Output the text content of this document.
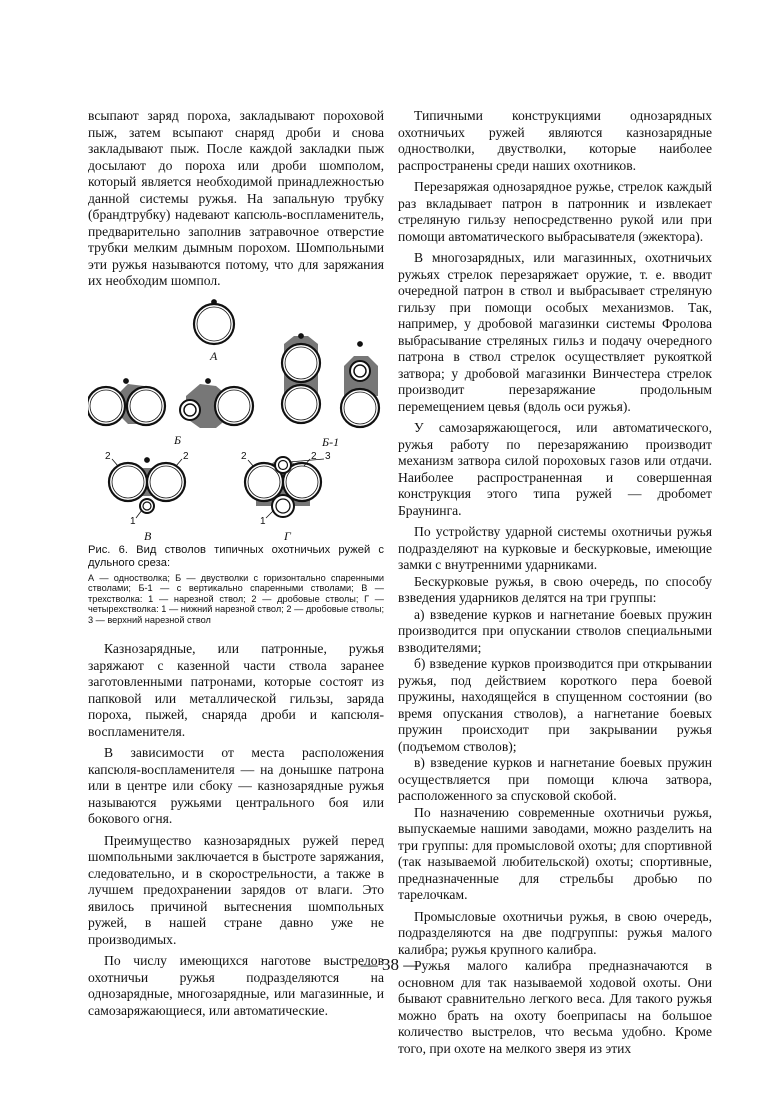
всыпают заряд пороха, закладывают пороховой пыж, затем всыпают снаряд дроби и снова закладывают пыж. После каждой закладки пыж досылают до пороха или дроби шомполом, который является необходимой принадлежностью данной системы ружья. На запальную трубку (брандтрубку) надевают капсюль-воспламенитель, предварительно заполнив затравочное отверстие трубки мелким дымным порохом. Шомпольными эти ружья называются потому, что для заряжания их необходим шомпол.

А
Б	Б-1
2	2
1
В
2	2 3
1
Г

Рис. 6. Вид стволов типичных охотничьих ружей с дульного среза:

А — одностволка; Б — двустволки с горизонтально спаренными стволами; Б-1 — с вертикально спаренными стволами; В — трехстволка: 1 — нарезной ствол; 2 — дробовые стволы; Г — четырехстволка: 1 — нижний нарезной ствол; 2 — дробовые стволы; 3 — верхний нарезной ствол

Казнозарядные, или патронные, ружья заряжают с казенной части ствола заранее заготовленными патронами, которые состоят из папковой или металлической гильзы, заряда пороха, пыжей, снаряда дроби и капсюля-воспламенителя.

В зависимости от места расположения капсюля-воспламенителя — на донышке патрона или в центре или сбоку — казнозарядные ружья называются ружьями центрального боя или бокового огня.

Преимущество казнозарядных ружей перед шомпольными заключается в быстроте заряжания, следовательно, и в скорострельности, а также в лучшем предохранении зарядов от влаги. Это явилось причиной вытеснения шомпольных ружей, в нашей стране давно уже не производимых.

По числу имеющихся наготове выстрелов охотничьи ружья подразделяются на однозарядные, многозарядные, или магазинные, и самозаряжающиеся, или автоматические.

Типичными конструкциями однозарядных охотничьих ружей являются казнозарядные одностволки, двустволки, которые наиболее распространены среди наших охотников.

Перезаряжая однозарядное ружье, стрелок каждый раз вкладывает патрон в патронник и извлекает стреляную гильзу непосредственно рукой или при помощи автоматического выбрасывателя (эжектора).

В многозарядных, или магазинных, охотничьих ружьях стрелок перезаряжает оружие, т. е. вводит очередной патрон в ствол и выбрасывает стреляную гильзу при помощи особых механизмов. Так, например, у дробовой магазинки системы Фролова выбрасывание стреляных гильз и подачу очередного патрона в ствол стрелок осуществляет рукояткой затвора; у дробовой магазинки Винчестера стрелок производит перезаряжание продольным перемещением цевья (вдоль оси ружья).

У самозаряжающегося, или автоматического, ружья работу по перезаряжанию производит механизм затвора силой пороховых газов или отдачи. Наиболее распространенная и совершенная конструкция этого типа ружей — дробомет Браунинга.

По устройству ударной системы охотничьи ружья подразделяют на курковые и бескурковые, имеющие замки с внутренними ударниками.

Бескурковые ружья, в свою очередь, по способу взведения ударников делятся на три группы:

а) взведение курков и нагнетание боевых пружин производится при опускании стволов специальными взводителями;

б) взведение курков производится при открывании ружья, под действием короткого пера боевой пружины, находящейся в спущенном состоянии (во время опускания стволов), а нагнетание боевых пружин происходит при закрывании ружья (подъемом стволов);

в) взведение курков и нагнетание боевых пружин осуществляется при помощи ключа затвора, расположенного за спусковой скобой.

По назначению современные охотничьи ружья, выпускаемые нашими заводами, можно разделить на три группы: для промысловой охоты; для спортивной (так называемой любительской) охоты; спортивные, предназначенные для стрельбы дробью по тарелочкам.

Промысловые охотничьи ружья, в свою очередь, подразделяются на две подгруппы: ружья малого калибра; ружья крупного калибра.

Ружья малого калибра предназначаются в основном для так называемой ходовой охоты. Они бывают сравнительно легкого веса. Для такого ружья можно брать на охоту боеприпасы на большое количество выстрелов, что весьма удобно. Кроме того, при охоте на мелкого зверя из этих

— 38 —
